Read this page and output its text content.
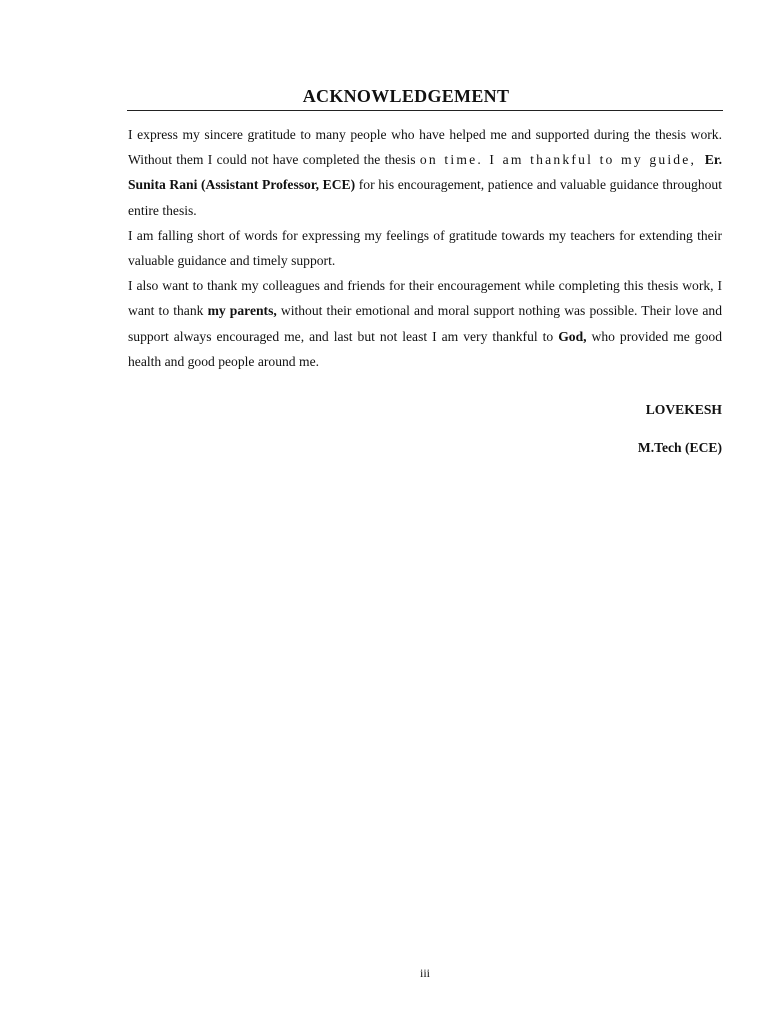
ACKNOWLEDGEMENT

I express my sincere gratitude to many people who have helped me and supported during the thesis work. Without them I could not have completed the thesis on time. I am thankful to my guide, Er. Sunita Rani (Assistant Professor, ECE) for his encouragement, patience and valuable guidance throughout entire thesis.

I am falling short of words for expressing my feelings of gratitude towards my teachers for extending their valuable guidance and timely support.

I also want to thank my colleagues and friends for their encouragement while completing this thesis work, I want to thank my parents, without their emotional and moral support nothing was possible. Their love and support always encouraged me, and last but not least I am very thankful to God, who provided me good health and good people around me.

LOVEKESH
M.Tech (ECE)
iii
